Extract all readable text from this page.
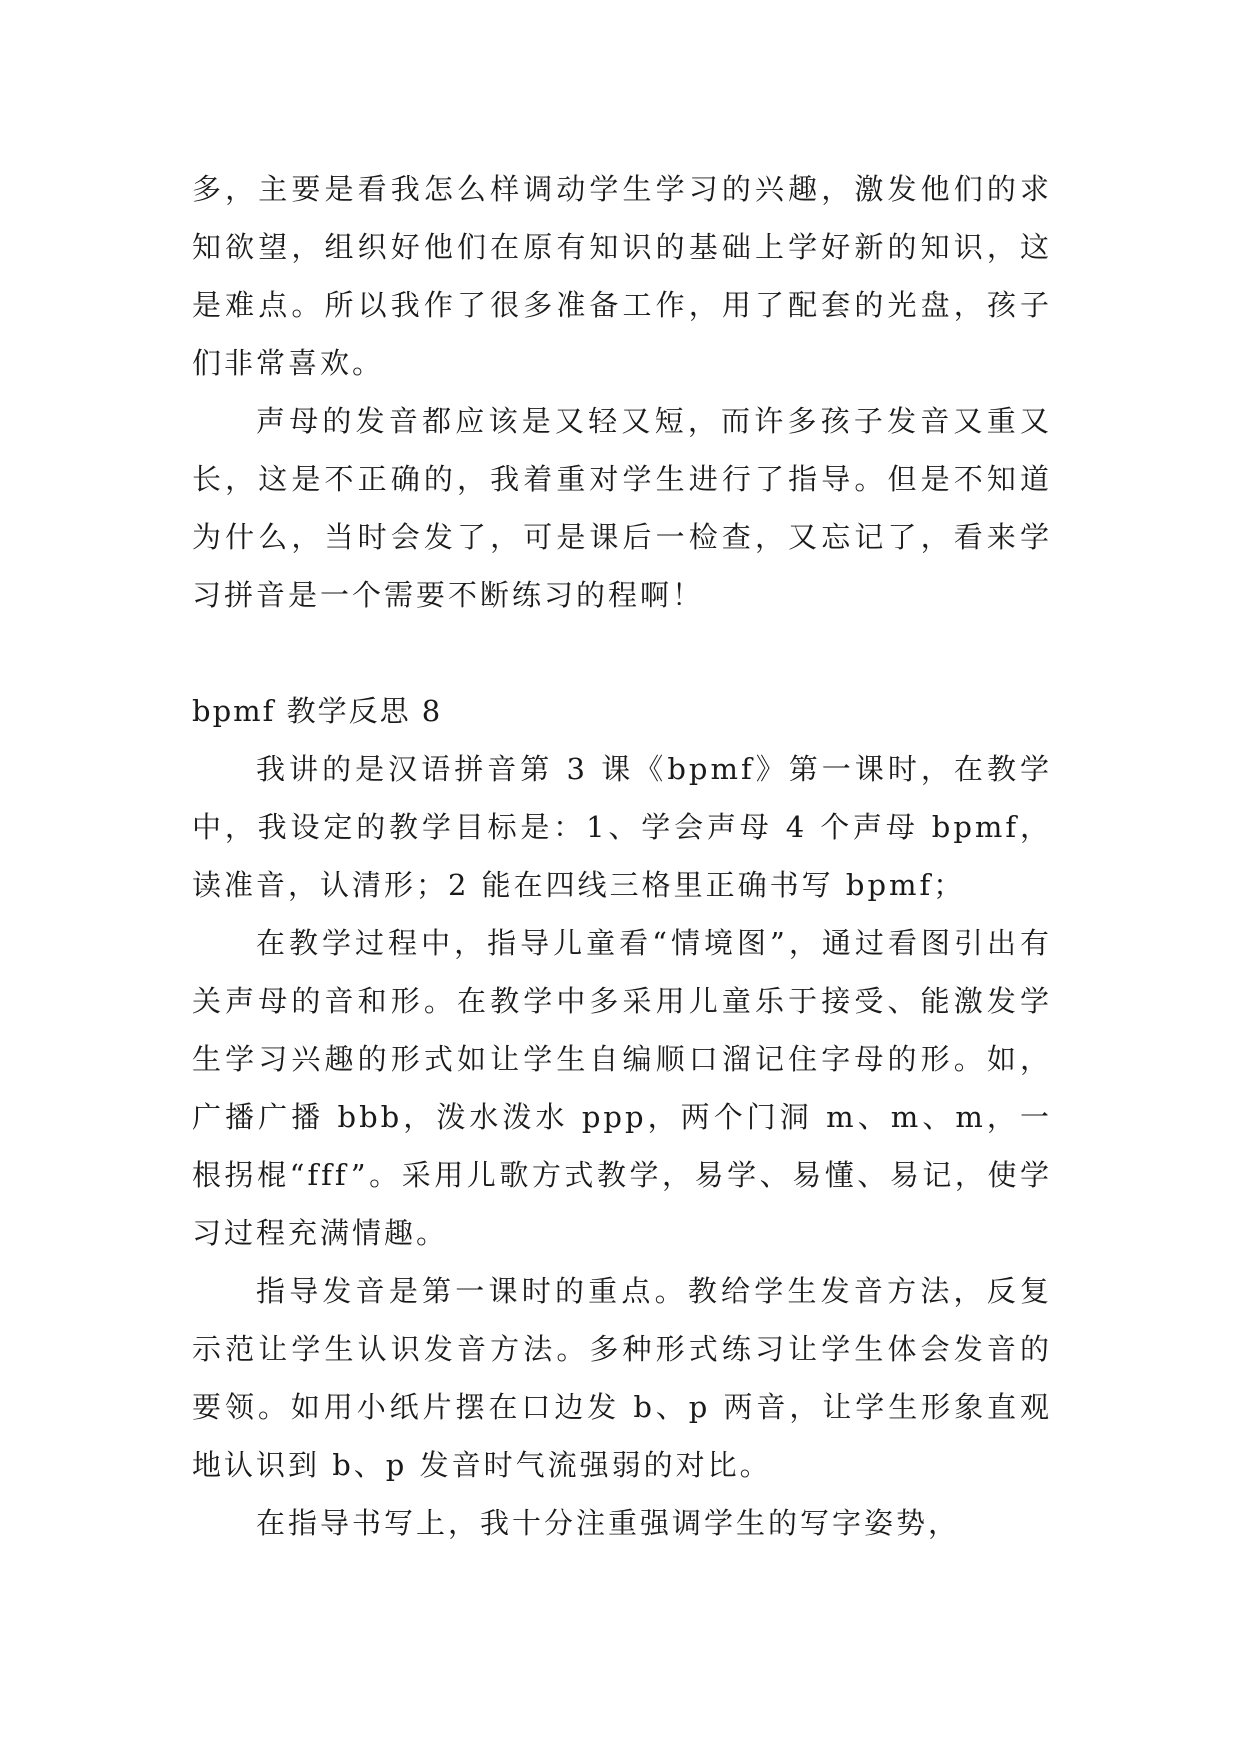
多，主要是看我怎么样调动学生学习的兴趣，激发他们的求知欲望，组织好他们在原有知识的基础上学好新的知识，这是难点。所以我作了很多准备工作，用了配套的光盘，孩子们非常喜欢。

声母的发音都应该是又轻又短，而许多孩子发音又重又长，这是不正确的，我着重对学生进行了指导。但是不知道为什么，当时会发了，可是课后一检查，又忘记了，看来学习拼音是一个需要不断练习的程啊！

bpmf 教学反思 8

我讲的是汉语拼音第 3 课《bpmf》第一课时，在教学中，我设定的教学目标是：1、学会声母 4 个声母 bpmf，读准音，认清形；2 能在四线三格里正确书写 bpmf；

在教学过程中，指导儿童看“情境图”，通过看图引出有关声母的音和形。在教学中多采用儿童乐于接受、能激发学生学习兴趣的形式如让学生自编顺口溜记住字母的形。如，广播广播 bbb，泼水泼水 ppp，两个门洞 m、m、m，一根拐棍“fff”。采用儿歌方式教学，易学、易懂、易记，使学习过程充满情趣。

指导发音是第一课时的重点。教给学生发音方法，反复示范让学生认识发音方法。多种形式练习让学生体会发音的要领。如用小纸片摆在口边发 b、p 两音，让学生形象直观地认识到 b、p 发音时气流强弱的对比。

在指导书写上，我十分注重强调学生的写字姿势，
